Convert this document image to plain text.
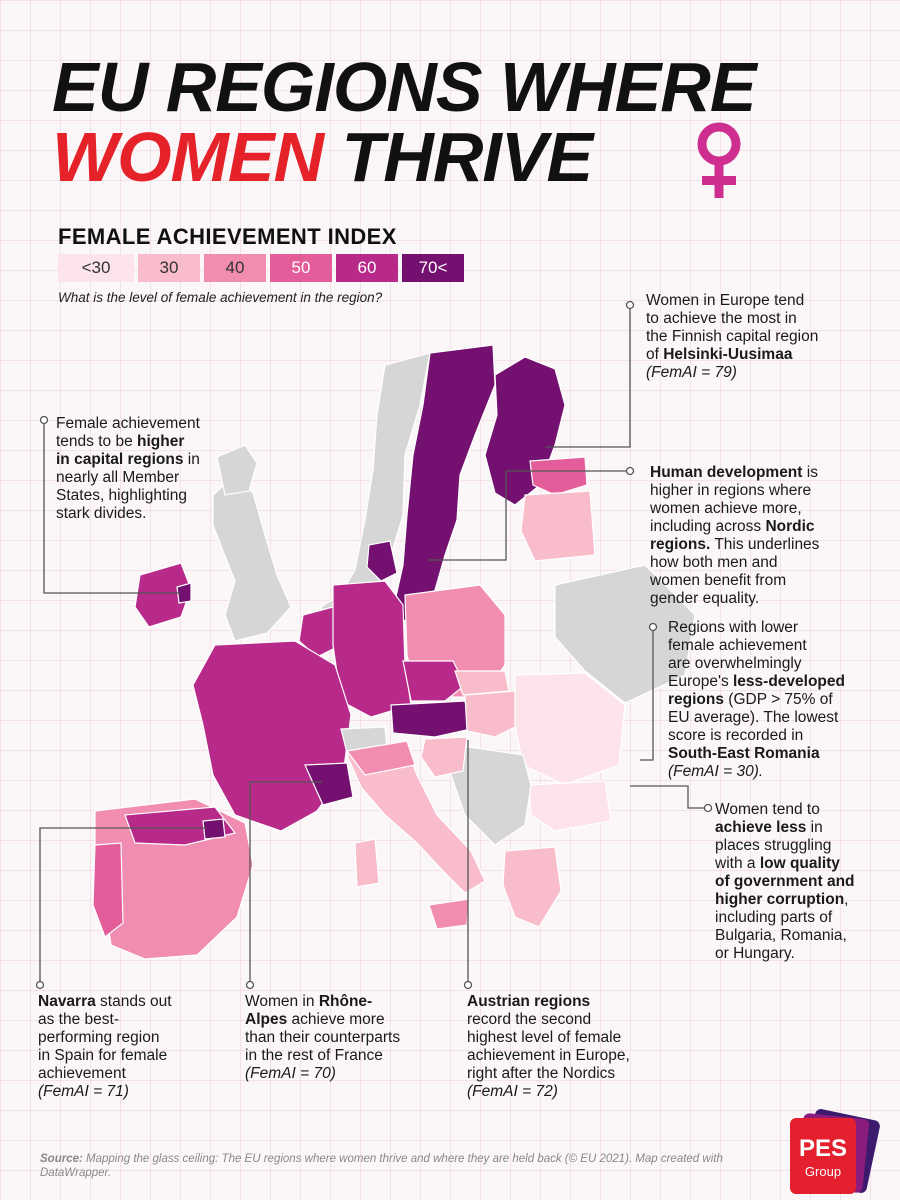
EU REGIONS WHERE
WOMEN THRIVE
FEMALE ACHIEVEMENT INDEX
<30	30	40	50	60	70<
What is the level of female achievement in the region?	Women in Europe tend
to achieve the most in
the Finnish capital region
of Helsinki-Uusimaa
(FemAI = 79)
Female achievement
tends to be higher
in capital regions in
nearly all Member
States, highlighting
stark divides.
Human development is
higher in regions where
women achieve more,
including across Nordic
regions. This underlines
how both men and
women benefit from
gender equality.
Regions with lower
female achievement
are overwhelmingly
Europe's less-developed
regions (GDP > 75% of
EU average). The lowest
score is recorded in
South-East Romania
(FemAI = 30).
Women tend to
achieve less in
places struggling
with a low quality
of government and
higher corruption,
including parts of
Bulgaria, Romania,
or Hungary.
Navarra stands out
as the best-
performing region
in Spain for female
achievement
(FemAI = 71)
Women in Rhône-
Alpes achieve more
than their counterparts
in the rest of France
(FemAI = 70)
Austrian regions
record the second
highest level of female
achievement in Europe,
right after the Nordics
(FemAI = 72)
Source: Mapping the glass ceiling: The EU regions where women thrive and where they are held back (© EU 2021). Map created with DataWrapper.
PES
Group
